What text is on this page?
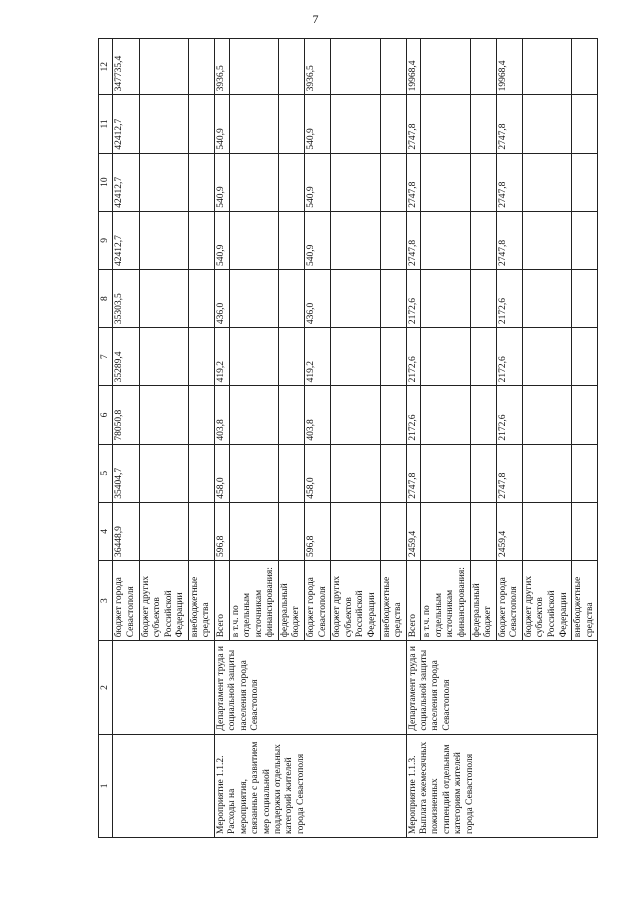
7
1	2	3	4	5	6	7	8	9	10	11	12
		бюджет города Севастополя	36448,9	35404,7	78050,8	35289,4	35303,5	42412,7	42412,7	42412,7	347735,4
		бюджет других субъектов Российской Федерации									
		внебюджетные средства									
Мероприятие 1.1.2. Расходы на мероприятия, связанные с развитием мер социальной поддержки отдельных категорий жителей города Севастополя	Департамент труда и социальной защиты населения города Севастополя	Всего	596,8	458,0	403,8	419,2	436,0	540,9	540,9	540,9	3936,5
		в т.ч. по отдельным источникам финансирования:									
		федеральный бюджет									
		бюджет города Севастополя	596,8	458,0	403,8	419,2	436,0	540,9	540,9	540,9	3936,5
		бюджет других субъектов Российской Федерации									
		внебюджетные средства									
Мероприятие 1.1.3. Выплата ежемесячных пожизненных стипендий отдельным категориям жителей города Севастополя	Департамент труда и социальной защиты населения города Севастополя	Всего	2459,4	2747,8	2172,6	2172,6	2172,6	2747,8	2747,8	2747,8	19968,4
		в т.ч. по отдельным источникам финансирования:									
		федеральный бюджет									
		бюджет города Севастополя	2459,4	2747,8	2172,6	2172,6	2172,6	2747,8	2747,8	2747,8	19968,4
		бюджет других субъектов Российской Федерации									
		внебюджетные средства									
